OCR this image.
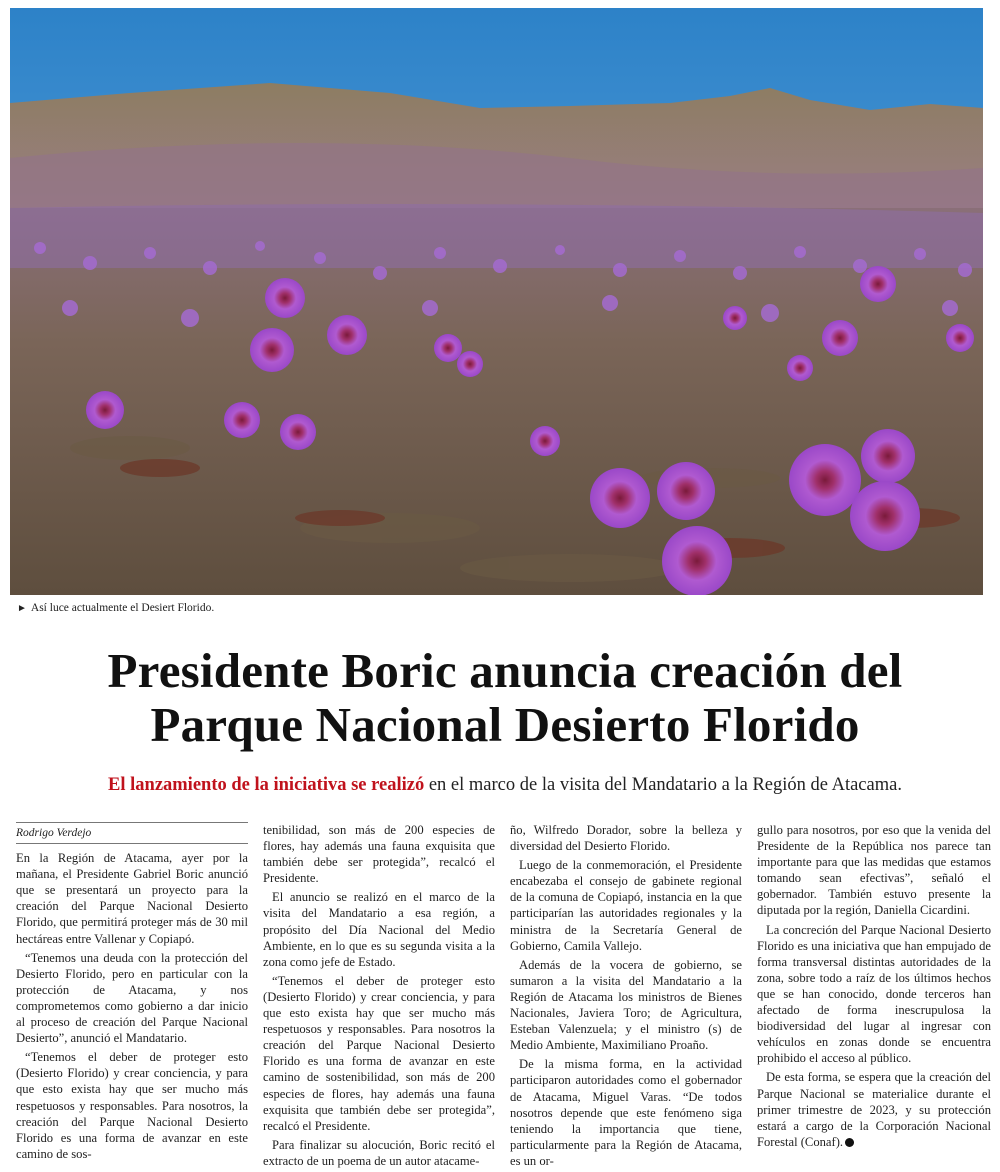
► Así luce actualmente el Desiert Florido.
Presidente Boric anuncia creación del
Parque Nacional Desierto Florido
El lanzamiento de la iniciativa se realizó en el marco de la visita del Mandatario a la Región de Atacama.
Rodrigo Verdejo

En la Región de Atacama, ayer por la mañana, el Presidente Gabriel Boric anunció que se presentará un proyecto para la creación del Parque Nacional Desierto Florido, que permitirá proteger más de 30 mil hectáreas entre Vallenar y Copiapó.

“Tenemos una deuda con la protección del Desierto Florido, pero en particular con la protección de Atacama, y nos comprometemos como gobierno a dar inicio al proceso de creación del Parque Nacional Desierto”, anunció el Mandatario.

“Tenemos el deber de proteger esto (Desierto Florido) y crear conciencia, y para que esto exista hay que ser mucho más respetuosos y responsables. Para nosotros, la creación del Parque Nacional Desierto Florido es una forma de avanzar en este camino de sos-

tenibilidad, son más de 200 especies de flores, hay además una fauna exquisita que también debe ser protegida”, recalcó el Presidente.

El anuncio se realizó en el marco de la visita del Mandatario a esa región, a propósito del Día Nacional del Medio Ambiente, en lo que es su segunda visita a la zona como jefe de Estado.

“Tenemos el deber de proteger esto (Desierto Florido) y crear conciencia, y para que esto exista hay que ser mucho más respetuosos y responsables. Para nosotros la creación del Parque Nacional Desierto Florido es una forma de avanzar en este camino de sostenibilidad, son más de 200 especies de flores, hay además una fauna exquisita que también debe ser protegida”, recalcó el Presidente.

Para finalizar su alocución, Boric recitó el extracto de un poema de un autor atacame-

ño, Wilfredo Dorador, sobre la belleza y diversidad del Desierto Florido.

Luego de la conmemoración, el Presidente encabezaba el consejo de gabinete regional de la comuna de Copiapó, instancia en la que participarían las autoridades regionales y la ministra de la Secretaría General de Gobierno, Camila Vallejo.

Además de la vocera de gobierno, se sumaron a la visita del Mandatario a la Región de Atacama los ministros de Bienes Nacionales, Javiera Toro; de Agricultura, Esteban Valenzuela; y el ministro (s) de Medio Ambiente, Maximiliano Proaño.

De la misma forma, en la actividad participaron autoridades como el gobernador de Atacama, Miguel Varas. “De todos nosotros depende que este fenómeno siga teniendo la importancia que tiene, particularmente para la Región de Atacama, es un or-

gullo para nosotros, por eso que la venida del Presidente de la República nos parece tan importante para que las medidas que estamos tomando sean efectivas”, señaló el gobernador. También estuvo presente la diputada por la región, Daniella Cicardini.

La concreción del Parque Nacional Desierto Florido es una iniciativa que han empujado de forma transversal distintas autoridades de la zona, sobre todo a raíz de los últimos hechos que se han conocido, donde terceros han afectado de forma inescrupulosa la biodiversidad del lugar al ingresar con vehículos en zonas donde se encuentra prohibido el acceso al público.

De esta forma, se espera que la creación del Parque Nacional se materialice durante el primer trimestre de 2023, y su protección estará a cargo de la Corporación Nacional Forestal (Conaf).
